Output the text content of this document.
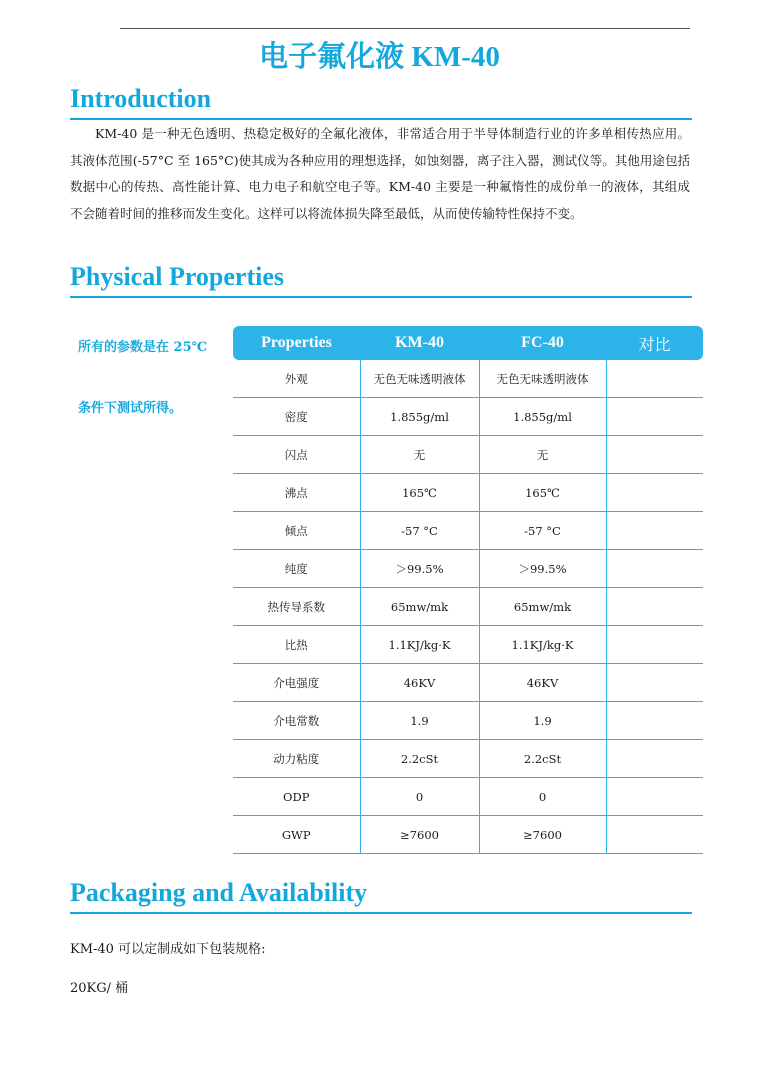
电子氟化液 KM-40
Introduction

KM-40 是一种无色透明、热稳定极好的全氟化液体，非常适合用于半导体制造行业的许多单相传热应用。其液体范围(-57°C 至 165°C)使其成为各种应用的理想选择，如蚀刻器，离子注入器，测试仪等。其他用途包括数据中心的传热、高性能计算、电力电子和航空电子等。KM-40 主要是一种氟惰性的成份单一的液体，其组成不会随着时间的推移而发生变化。这样可以将流体损失降至最低，从而使传输特性保持不变。

Physical Properties
所有的参数是在 25℃
条件下测试所得。
Properties	KM-40	FC-40	对比
外观	无色无味透明液体	无色无味透明液体	
密度	1.855g/ml	1.855g/ml	
闪点	无	无	
沸点	165℃	165℃	
倾点	-57 °C	-57 °C	
纯度	＞99.5%	＞99.5%	
热传导系数	65mw/mk	65mw/mk	
比热	1.1KJ/kg·K	1.1KJ/kg·K	
介电强度	46KV	46KV	
介电常数	1.9	1.9	
动力粘度	2.2cSt	2.2cSt	
ODP	0	0	
GWP	≥7600	≥7600	
Packaging and Availability
KM-40 可以定制成如下包装规格:
20KG/ 桶
